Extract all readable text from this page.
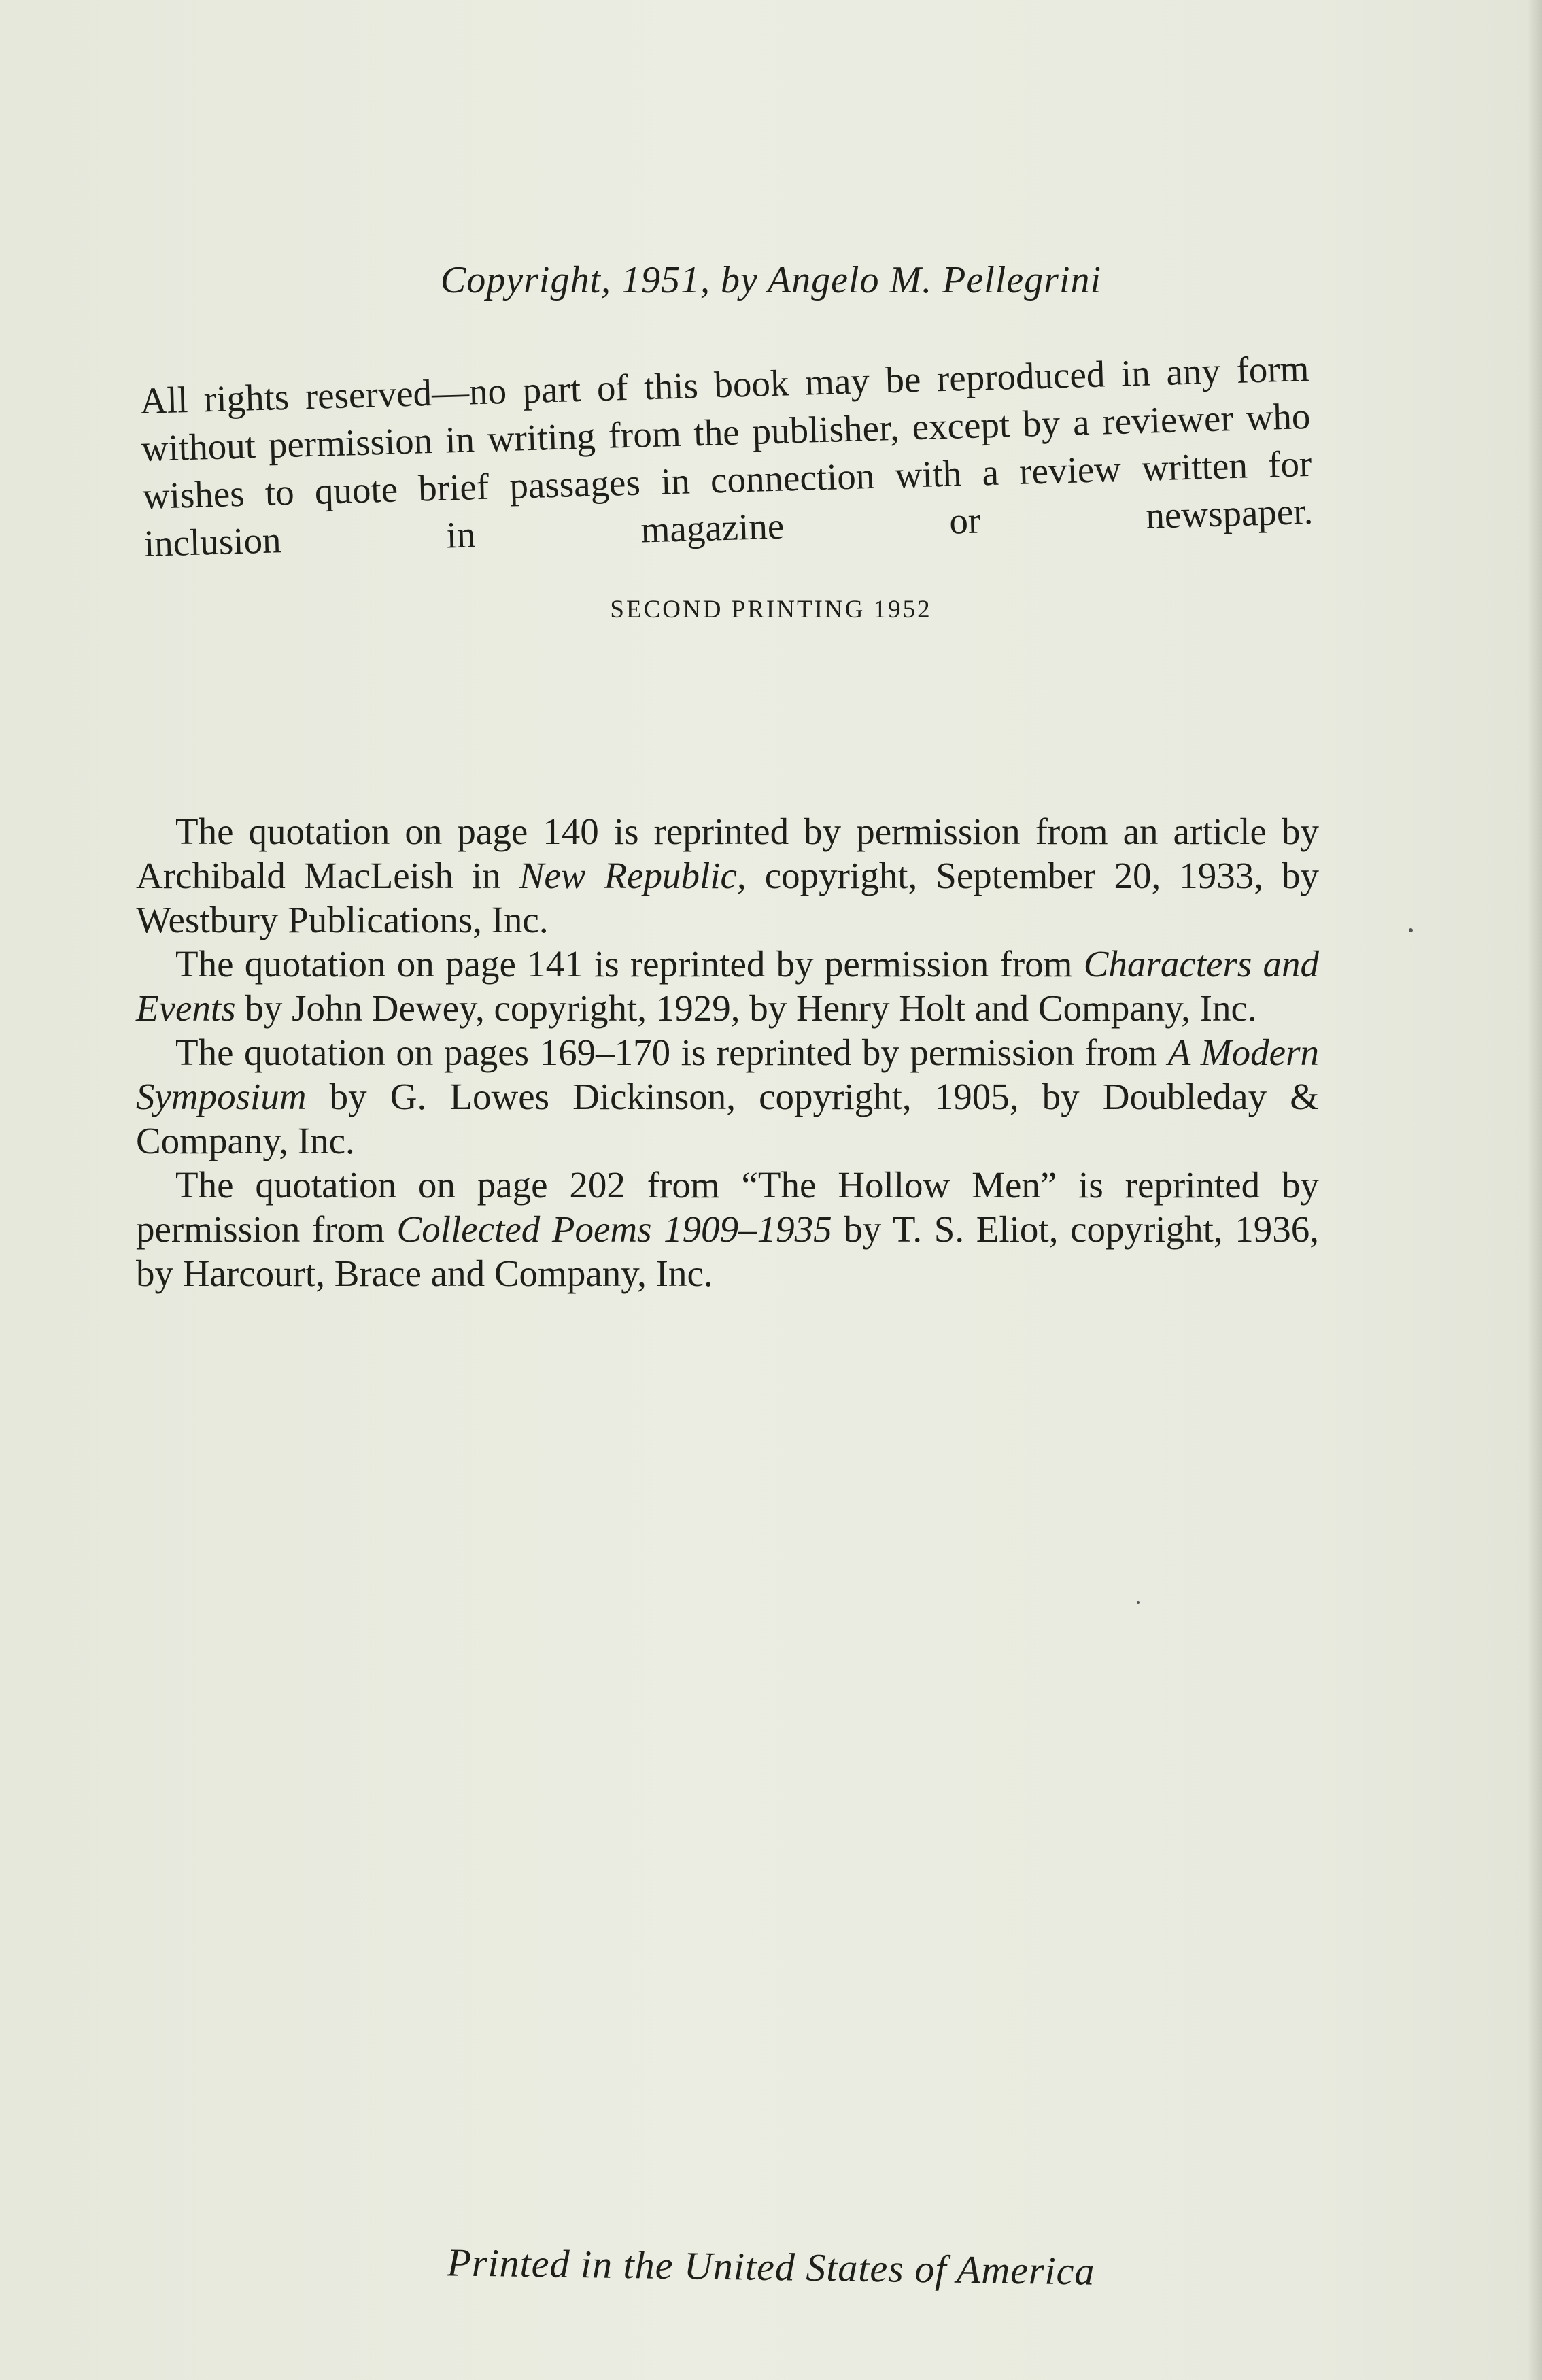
Copyright, 1951, by Angelo M. Pellegrini
All rights reserved—no part of this book may be reproduced in any form without permission in writing from the publisher, except by a reviewer who wishes to quote brief passages in connection with a review written for inclusion in magazine or newspaper.
SECOND PRINTING 1952

The quotation on page 140 is reprinted by permission from an article by Archibald MacLeish in New Republic, copyright, September 20, 1933, by Westbury Publications, Inc.

The quotation on page 141 is reprinted by permission from Characters and Events by John Dewey, copyright, 1929, by Henry Holt and Company, Inc.

The quotation on pages 169–170 is reprinted by permission from A Modern Symposium by G. Lowes Dickinson, copyright, 1905, by Doubleday & Company, Inc.

The quotation on page 202 from “The Hollow Men” is reprinted by permission from Collected Poems 1909–1935 by T. S. Eliot, copyright, 1936, by Harcourt, Brace and Company, Inc.

Printed in the United States of America
